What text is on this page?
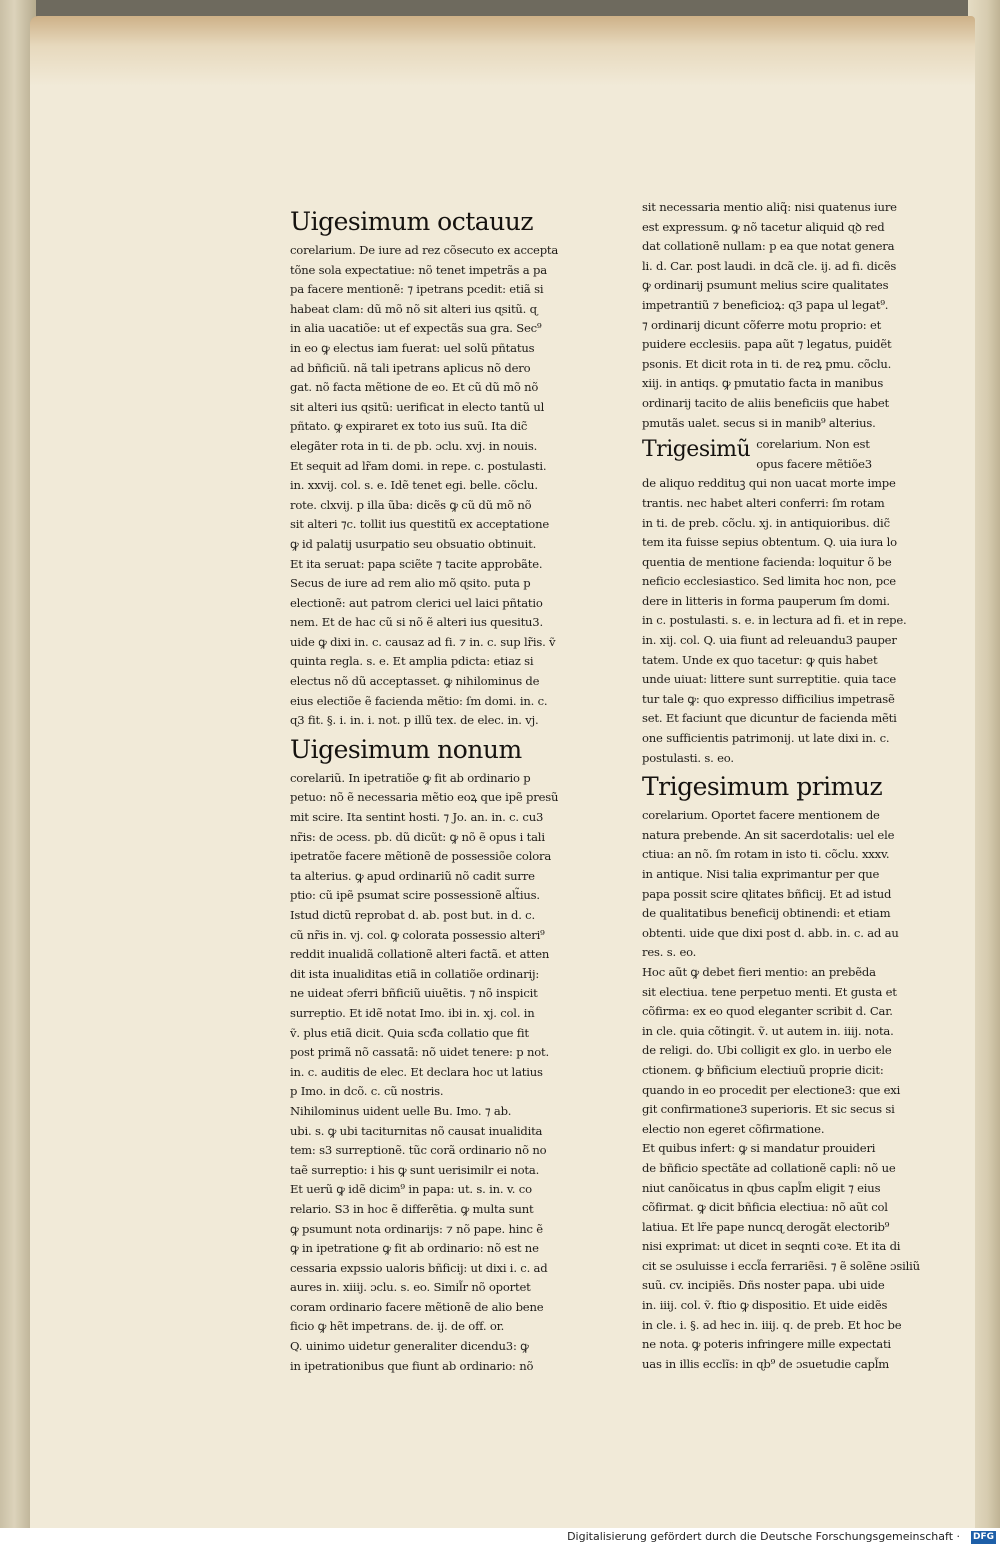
Uigesimum octauuz
corelarium. De iure ad rez cõsecuto ex accepta
tõne sola expectatiue: nõ tenet impetrãs a pa
pa facere mentionẽ: ⁊ ipetrans pcedit: etiã si
habeat clam: dũ mõ nõ sit alteri ius ɋsitũ. ɋ
in alia uacatiõe: ut ef expectãs sua gra. Sec⁹
in eo ꝙ electus iam fuerat: uel solũ pñtatus
ad bñficiũ. nã tali ipetrans aplicus nõ dero
gat. nõ facta mẽtione de eo. Et cũ dũ mõ nõ
sit alteri ius ɋsitũ: uerificat in electo tantũ ul
pñtato. ꝙ expiraret ex toto ius suũ. Ita dic̃
elegãter rota in ti. de pb. ɔclu. xvj. in nouis.
Et sequit ad lr̃am domi. in repe. c. postulasti.
in. xxvij. col. s. e. Idẽ tenet egi. belle. cõclu.
rote. clxvij. p illa ũba: dicẽs ꝙ cũ dũ mõ nõ
sit alteri ⁊c. tollit ius questitũ ex acceptatione
ꝙ id palatij usurpatio seu obsuatio obtinuit.
Et ita seruat: papa sciẽte ⁊ tacite approbãte.
Secus de iure ad rem alio mõ ɋsito. puta p
electionẽ: aut patrom clerici uel laici pñtatio
nem. Et de hac cũ si nõ ẽ alteri ius quesitu3.
uide ꝙ dixi in. c. causaz ad fi. ⁊ in. c. sup lr̃is. ṽ
quinta regla. s. e. Et amplia pdicta: etiaz si
electus nõ dũ acceptasset. ꝙ nihilominus de
eius electiõe ẽ facienda mẽtio: ſm domi. in. c.
ɋ3 fit. §. i. in. i. not. p illũ tex. de elec. in. vj.
Uigesimum nonum
corelariũ. In ipetratiõe ꝙ fit ab ordinario p
petuo: nõ ẽ necessaria mẽtio eoꝝ que ipẽ presũ
mit scire. Ita sentint hosti. ⁊ Jo. an. in. c. cu3
nr̃is: de ɔcess. pb. dũ dicũt: ꝙ nõ ẽ opus i tali
ipetratõe facere mẽtionẽ de possessiõe colora
ta alterius. ꝙ apud ordinariũ nõ cadit surre
ptio: cũ ipẽ psumat scire possessionẽ alt̃ius.
Istud dictũ reprobat d. ab. post but. in d. c.
cũ nr̃is in. vj. col. ꝙ colorata possessio alteri⁹
reddit inualidã collationẽ alteri factã. et atten
dit ista inualiditas etiã in collatiõe ordinarij:
ne uideat ɔferri bñficiũ uiuẽtis. ⁊ nõ inspicit
surreptio. Et idẽ notat Imo. ibi in. xj. col. in
ṽ. plus etiã dicit. Quia scđa collatio que fit
post primã nõ cassatã: nõ uidet tenere: p not.
in. c. auditis de elec. Et declara hoc ut latius
p Imo. in dcõ. c. cũ nostris.
Nihilominus uident uelle Bu. Imo. ⁊ ab.
ubi. s. ꝙ ubi taciturnitas nõ causat inualidita
tem: s3 surreptionẽ. tũc corã ordinario nõ no
taẽ surreptio: i his ꝙ sunt uerisimilr ei nota.
Et uerũ ꝙ idẽ dicim⁹ in papa: ut. s. in. v. co
relario. S3 in hoc ẽ differẽtia. ꝙ multa sunt
ꝙ psumunt nota ordinarijs: ⁊ nõ pape. hinc ẽ
ꝙ in ipetratione ꝙ fit ab ordinario: nõ est ne
cessaria expssio ualoris bñficij: ut dixi i. c. ad
aures in. xiiij. ɔclu. s. eo. Simil̃r nõ oportet
coram ordinario facere mẽtionẽ de alio bene
ficio ꝙ hẽt impetrans. de. ij. de off. or.
Q. uinimo uidetur generaliter dicendu3: ꝙ
in ipetrationibus que fiunt ab ordinario: nõ
sit necessaria mentio aliq̃: nisi quatenus iure
est expressum. ꝙ nõ tacetur aliquid ɋꝺ red
dat collationẽ nullam: p ea que notat genera
li. d. Car. post laudi. in dcã cle. ij. ad fi. dicẽs
ꝙ ordinarij psumunt melius scire qualitates
impetrantiũ ⁊ beneficioꝝ: ɋ3 papa ul legat⁹.
⁊ ordinarij dicunt cõferre motu proprio: et
puidere ecclesiis. papa aũt ⁊ legatus, puidẽt
psonis. Et dicit rota in ti. de reꝝ pmu. cõclu.
xiij. in antiqs. ꝙ pmutatio facta in manibus
ordinarij tacito de aliis beneficiis que habet
pmutãs ualet. secus si in manib⁹ alterius.
Trigesimũ corelarium. Non est
opus facere mẽtiõe3
de aliquo reddituꝫ qui non uacat morte impe
trantis. nec habet alteri conferri: ſm rotam
in ti. de preb. cõclu. xj. in antiquioribus. dic̃
tem ita fuisse sepius obtentum. Q. uia iura lo
quentia de mentione facienda: loquitur õ be
neficio ecclesiastico. Sed limita hoc non, pce
dere in litteris in forma pauperum ſm domi.
in c. postulasti. s. e. in lectura ad fi. et in repe.
in. xij. col. Q. uia fiunt ad releuandu3 pauper
tatem. Unde ex quo tacetur: ꝙ quis habet
unde uiuat: littere sunt surreptitie. quia tace
tur tale ꝙ: quo expresso difficilius impetrasẽ
set. Et faciunt que dicuntur de facienda mẽti
one sufficientis patrimonij. ut late dixi in. c.
postulasti. s. eo.
Trigesimum primuz
corelarium. Oportet facere mentionem de
natura prebende. An sit sacerdotalis: uel ele
ctiua: an nõ. ſm rotam in isto ti. cõclu. xxxv.
in antique. Nisi talia exprimantur per que
papa possit scire ɋlitates bñficij. Et ad istud
de qualitatibus beneficij obtinendi: et etiam
obtenti. uide que dixi post d. abb. in. c. ad au
res. s. eo.
Hoc aũt ꝙ debet fieri mentio: an prebẽda
sit electiua. tene perpetuo menti. Et gusta et
cõfirma: ex eo quod eleganter scribit d. Car.
in cle. quia cõtingit. ṽ. ut autem in. iiij. nota.
de religi. do. Ubi colligit ex glo. in uerbo ele
ctionem. ꝙ bñficium electiuũ proprie dicit:
quando in eo procedit per electione3: que exi
git confirmatione3 superioris. Et sic secus si
electio non egeret cõfirmatione.
Et quibus infert: ꝙ si mandatur prouideri
de bñficio spectãte ad collationẽ capli: nõ ue
niut canõicatus in ɋbus capl̃m eligit ⁊ eius
cõfirmat. ꝙ dicit bñficia electiua: nõ aũt col
latiua. Et lr̃e pape nuncɋ derogãt electorib⁹
nisi exprimat: ut dicet in seqnti coꝛe. Et ita di
cit se ɔsuluisse i eccl̃a ferrariẽsi. ⁊ ẽ solẽne ɔsiliũ
suũ. cv. incipiẽs. Dñs noster papa. ubi uide
in. iiij. col. ṽ. ftio ꝙ dispositio. Et uide eidẽs
in cle. i. §. ad hec in. iiij. q. de preb. Et hoc be
ne nota. ꝙ poteris infringere mille expectati
uas in illis ecclĩs: in ɋb⁹ de ɔsuetudie capl̃m
Digitalisierung gefördert durch die Deutsche Forschungsgemeinschaft · DFG
